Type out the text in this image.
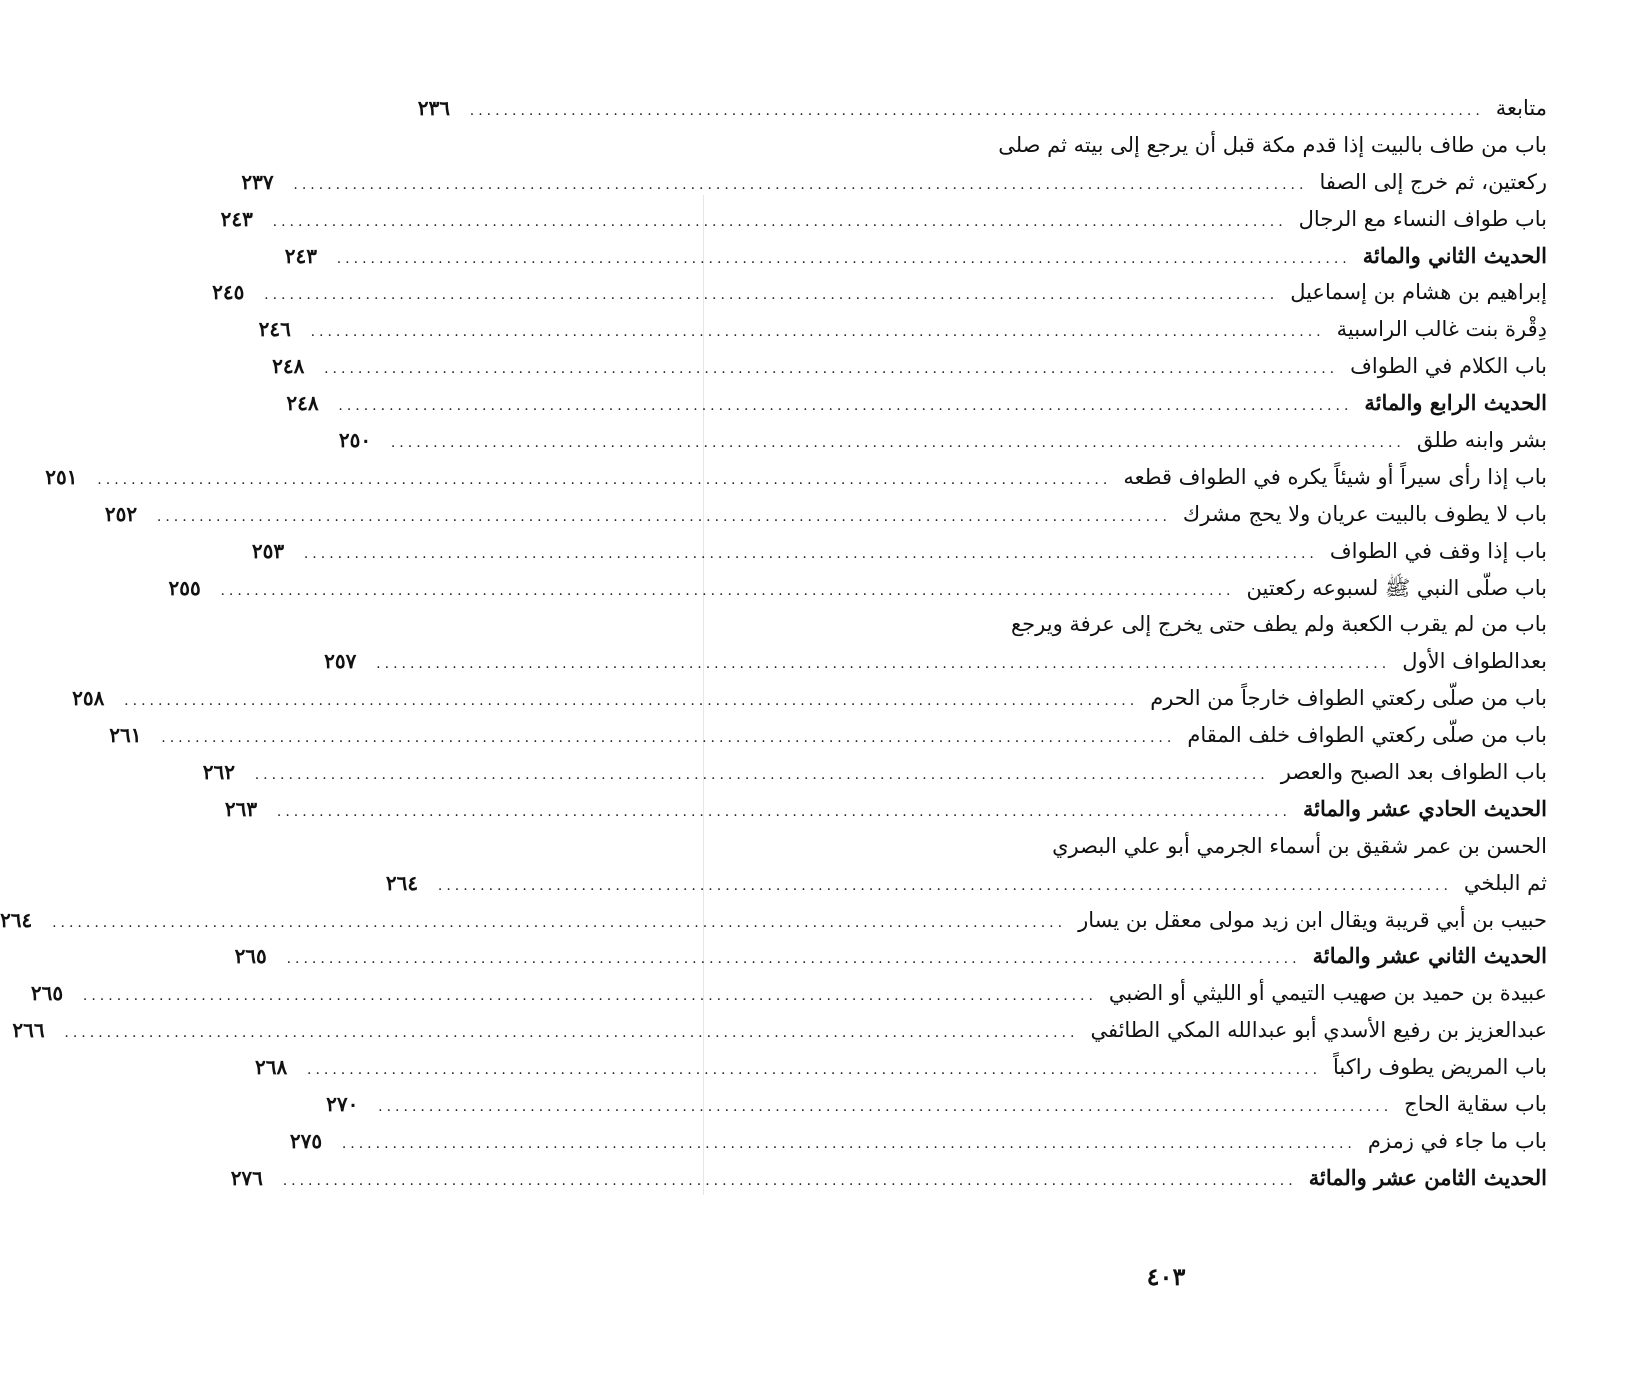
متابعة
........................................................................................................................
٢٣٦
باب من طاف بالبيت إذا قدم مكة قبل أن يرجع إلى بيته ثم صلى
ركعتين، ثم خرج إلى الصفا
........................................................................................................................
٢٣٧
باب طواف النساء مع الرجال
........................................................................................................................
٢٤٣
الحديث الثاني والمائة
........................................................................................................................
٢٤٣
إبراهيم بن هشام بن إسماعيل
........................................................................................................................
٢٤٥
دِقْرة بنت غالب الراسبية
........................................................................................................................
٢٤٦
باب الكلام في الطواف
........................................................................................................................
٢٤٨
الحديث الرابع والمائة
........................................................................................................................
٢٤٨
بشر وابنه طلق
........................................................................................................................
٢٥٠
باب إذا رأى سيراً أو شيئاً يكره في الطواف قطعه
........................................................................................................................
٢٥١
باب لا يطوف بالبيت عريان ولا يحج مشرك
........................................................................................................................
٢٥٢
باب إذا وقف في الطواف
........................................................................................................................
٢٥٣
باب صلّى النبي ﷺ لسبوعه ركعتين
........................................................................................................................
٢٥٥
باب من لم يقرب الكعبة ولم يطف حتى يخرج إلى عرفة ويرجع
بعدالطواف الأول
........................................................................................................................
٢٥٧
باب من صلّى ركعتي الطواف خارجاً من الحرم
........................................................................................................................
٢٥٨
باب من صلّى ركعتي الطواف خلف المقام
........................................................................................................................
٢٦١
باب الطواف بعد الصبح والعصر
........................................................................................................................
٢٦٢
الحديث الحادي عشر والمائة
........................................................................................................................
٢٦٣
الحسن بن عمر شقيق بن أسماء الجرمي أبو علي البصري
ثم البلخي
........................................................................................................................
٢٦٤
حبيب بن أبي قريبة ويقال ابن زيد مولى معقل بن يسار
........................................................................................................................
٢٦٤
الحديث الثاني عشر والمائة
........................................................................................................................
٢٦٥
عبيدة بن حميد بن صهيب التيمي أو الليثي أو الضبي
........................................................................................................................
٢٦٥
عبدالعزيز بن رفيع الأسدي أبو عبدالله المكي الطائفي
........................................................................................................................
٢٦٦
باب المريض يطوف راكباً
........................................................................................................................
٢٦٨
باب سقاية الحاج
........................................................................................................................
٢٧٠
باب ما جاء في زمزم
........................................................................................................................
٢٧٥
الحديث الثامن عشر والمائة
........................................................................................................................
٢٧٦
٤٠٣
